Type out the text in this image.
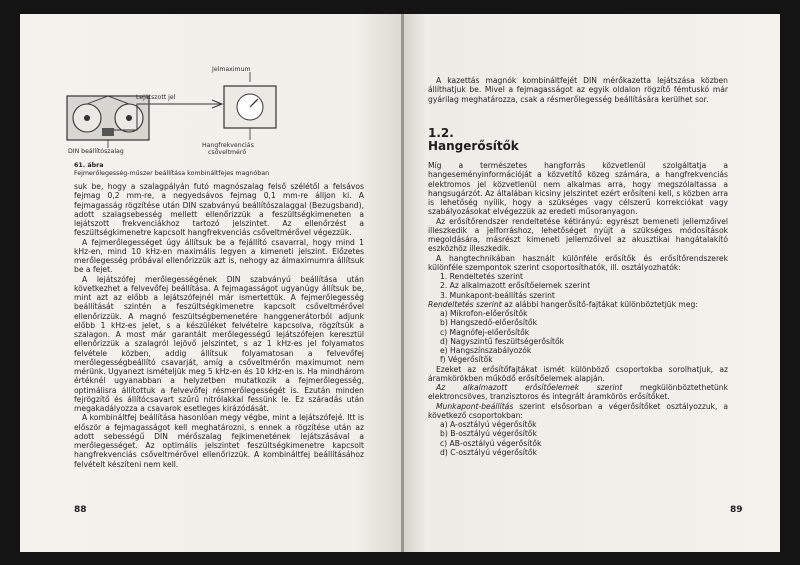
Jelmaximum
Lejátszott jel
DIN beállítószalag
Hangfrekvenciás
csőveltmérő
61. ábra
Fejmerőlegesség-műszer beállítása kombináltfejes magnóban

suk be, hogy a szalagpályán futó magnószalag felső szélétől a felsávos fejmag 0,2 mm-re, a negyedsávos fejmag 0,1 mm-re álljon ki. A fejmagasság rögzítése után DIN szabványú beállítószalaggal (Bezugsband), adott szalagsebesség mellett ellenőrizzük a feszültségkimeneten a lejátszott frekvenciákhoz tartozó jelszintet. Az ellenőrzést a feszültségkimenetre kapcsolt hangfrekvenciás csőveltmérővel végezzük.

A fejmerőlegességet úgy állítsuk be a fejállító csavarral, hogy mind 1 kHz-en, mind 10 kHz-en maximális legyen a kimeneti jelszint. Előzetes merőlegesség próbával ellenőrizzük azt is, nehogy az álmaximumra állítsuk be a fejet.

A lejátszófej merőlegességének DIN szabványú beállítása után következhet a felvevőfej beállítása. A fejmagasságot ugyanúgy állítsuk be, mint azt az előbb a lejátszófejnél már ismertettük. A fejmerőlegesség beállítását szintén a feszültségkimenetre kapcsolt csőveltmérővel ellenőrizzük. A magnó feszültségbemenetére hanggenerátorból adjunk előbb 1 kHz-es jelet, s a készüléket felvételre kapcsolva, rögzítsük a szalagon. A most már garantált merőlegességű lejátszófejen keresztül ellenőrizzük a szalagról lejövő jelszintet, s az 1 kHz-es jel folyamatos felvétele közben, addig állítsuk folyamatosan a felvevőfej merőlegességbeállító csavarját, amíg a csőveltmérőn maximumot nem mérünk. Ugyanezt ismételjük meg 5 kHz-en és 10 kHz-en is. Ha mindhárom értéknél ugyanabban a helyzetben mutatkozik a fejmerőlegesség, optimálisra állítottuk a felvevőfej résmerőlegességét is. Ezután minden fejrögzítő és állítócsavart szűrű nitrólakkal fessünk le. Ez száradás után megakadályozza a csavarok esetleges kirázódását.

A kombináltfej beállítása hasonlóan megy végbe, mint a lejátszófejé. Itt is először a fejmagasságot kell meghatározni, s ennek a rögzítése után az adott sebességű DIN mérőszalag fejkimenetének lejátszásával a merőlegességet. Az optimális jelszintet feszültségkimenetre kapcsolt hangfrekvenciás csőveltmérővel ellenőrizzük. A kombináltfej beállításához felvételt készíteni nem kell.

88

A kazettás magnók kombináltfejét DIN mérőkazetta lejátszása közben állíthatjuk be. Mivel a fejmagasságot az egyik oldalon rögzítő fémtuskó már gyárilag meghatározza, csak a résmerőlegesség beállítására kerülhet sor.

1.2.
Hangerősítők

Míg a természetes hangforrás közvetlenül szolgáltatja a hangeseményinformációját a közvetítő közeg számára, a hangfrekvenciás elektromos jel közvetlenül nem alkalmas arra, hogy megszólaltassa a hangsugárzót. Az általában kicsiny jelszintet ezért erősíteni kell, s közben arra is lehetőség nyílik, hogy a szükséges vagy célszerű korrekciókat vagy szabályozásokat elvégezzük az eredeti műsoranyagon.

Az erősítőrendszer rendeltetése kétirányú: egyrészt bemeneti jellemzőivel illeszkedik a jelforráshoz, lehetőséget nyújt a szükséges módosítások megoldására, másrészt kimeneti jellemzőivel az akusztikai hangátalakító eszközhöz illeszkedik.

A hangtechnikában használt különféle erősítők és erősítőrendszerek különféle szempontok szerint csoportosíthatók, ill. osztályozhatók:

1. Rendeltetés szerint
2. Az alkalmazott erősítőelemek szerint
3. Munkapont-beállítás szerint

Rendeltetés szerint az alábbi hangerősítő-fajtákat különböztetjük meg:

a) Mikrofon-előerősítők
b) Hangszedő-előerősítők
c) Magnófej-előerősítők
d) Nagyszintű feszültségerősítők
e) Hangszínszabályozók
f) Végerősítők

Ezeket az erősítőfajtákat ismét különböző csoportokba sorolhatjuk, az áramkörökben működő erősítőelemek alapján.

Az alkalmazott erősítőelemek szerint megkülönböztethetünk elektroncsöves, tranzisztoros és integrált áramkörös erősítőket.

Munkapont-beállítás szerint elsősorban a végerősítőket osztályozzuk, a következő csoportokban:

a) A-osztályú végerősítők
b) B-osztályú végerősítők
c) AB-osztályú végerősítők
d) C-osztályú végerősítők
89
